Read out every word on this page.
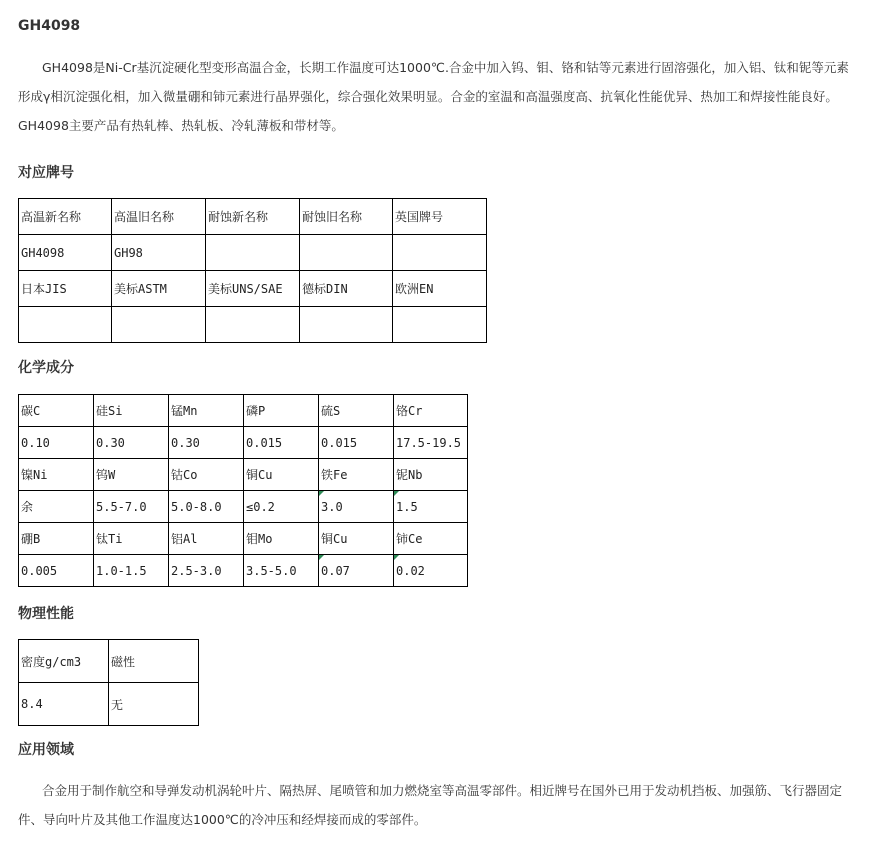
GH4098

GH4098是Ni-Cr基沉淀硬化型变形高温合金，长期工作温度可达1000℃.合金中加入钨、钼、铬和钴等元素进行固溶强化，加入铝、钛和铌等元素形成γ相沉淀强化相，加入微量硼和铈元素进行晶界强化，综合强化效果明显。合金的室温和高温强度高、抗氧化性能优异、热加工和焊接性能良好。GH4098主要产品有热轧棒、热轧板、冷轧薄板和带材等。

对应牌号
高温新名称	高温旧名称	耐蚀新名称	耐蚀旧名称	英国牌号
GH4098	GH98			
日本JIS	美标ASTM	美标UNS/SAE	德标DIN	欧洲EN

化学成分
碳C	硅Si	锰Mn	磷P	硫S	铬Cr
0.10	0.30	0.30	0.015	0.015	17.5-19.5
镍Ni	钨W	钴Co	铜Cu	铁Fe	铌Nb
余	5.5-7.0	5.0-8.0	≤0.2	3.0	1.5
硼B	钛Ti	铝Al	钼Mo	铜Cu	铈Ce
0.005	1.0-1.5	2.5-3.0	3.5-5.0	0.07	0.02
物理性能
密度g/cm3	磁性
8.4	无
应用领域

合金用于制作航空和导弹发动机涡轮叶片、隔热屏、尾喷管和加力燃烧室等高温零部件。相近牌号在国外已用于发动机挡板、加强筋、飞行器固定件、导向叶片及其他工作温度达1000℃的冷冲压和经焊接而成的零部件。
